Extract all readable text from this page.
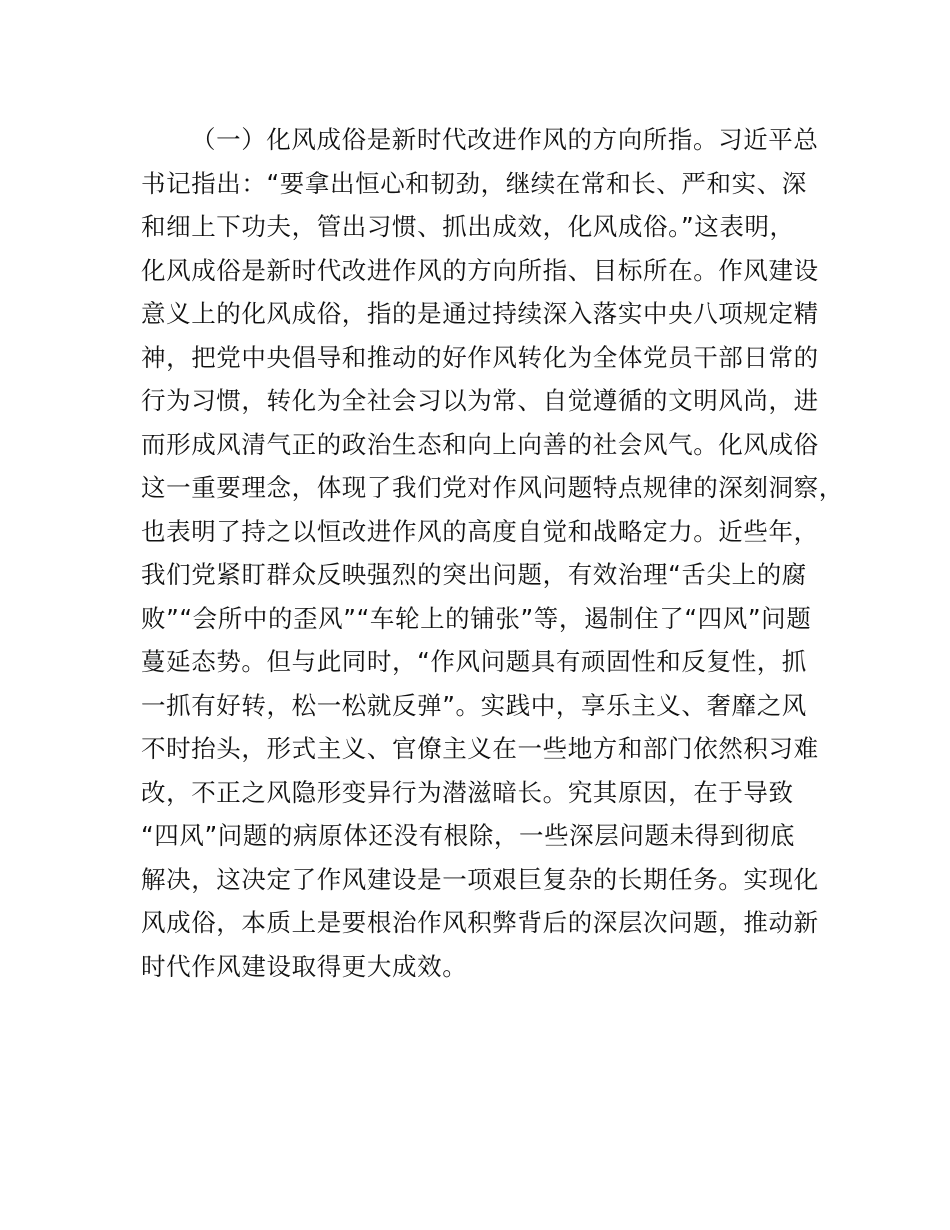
（一）化风成俗是新时代改进作风的方向所指。习近平总
书记指出：“要拿出恒心和韧劲，继续在常和长、严和实、深
和细上下功夫，管出习惯、抓出成效，化风成俗。”这表明，
化风成俗是新时代改进作风的方向所指、目标所在。作风建设
意义上的化风成俗，指的是通过持续深入落实中央八项规定精
神，把党中央倡导和推动的好作风转化为全体党员干部日常的
行为习惯，转化为全社会习以为常、自觉遵循的文明风尚，进
而形成风清气正的政治生态和向上向善的社会风气。化风成俗
这一重要理念，体现了我们党对作风问题特点规律的深刻洞察，
也表明了持之以恒改进作风的高度自觉和战略定力。近些年，
我们党紧盯群众反映强烈的突出问题，有效治理“舌尖上的腐
败”“会所中的歪风”“车轮上的铺张”等，遏制住了“四风”问题
蔓延态势。但与此同时，“作风问题具有顽固性和反复性，抓
一抓有好转，松一松就反弹”。实践中，享乐主义、奢靡之风
不时抬头，形式主义、官僚主义在一些地方和部门依然积习难
改，不正之风隐形变异行为潜滋暗长。究其原因，在于导致
“四风”问题的病原体还没有根除，一些深层问题未得到彻底
解决，这决定了作风建设是一项艰巨复杂的长期任务。实现化
风成俗，本质上是要根治作风积弊背后的深层次问题，推动新
时代作风建设取得更大成效。
